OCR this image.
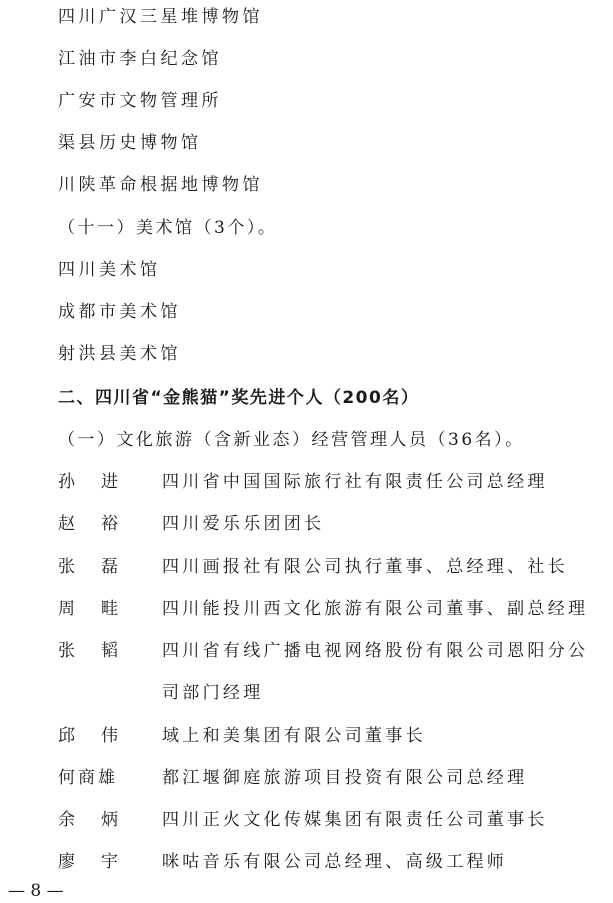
四川广汉三星堆博物馆
江油市李白纪念馆
广安市文物管理所
渠县历史博物馆
川陕革命根据地博物馆
（十一）美术馆（3个）。
四川美术馆
成都市美术馆
射洪县美术馆
二、四川省“金熊猫”奖先进个人（200名）
（一）文化旅游（含新业态）经营管理人员（36名）。
孙 进	四川省中国国际旅行社有限责任公司总经理
赵 裕	四川爱乐乐团团长
张 磊	四川画报社有限公司执行董事、总经理、社长
周 畦	四川能投川西文化旅游有限公司董事、副总经理
张 韬	四川省有线广播电视网络股份有限公司恩阳分公
司部门经理
邱 伟	域上和美集团有限公司董事长
何商雄	都江堰御庭旅游项目投资有限公司总经理
余 炳	四川正火文化传媒集团有限责任公司董事长
廖 宇	咪咕音乐有限公司总经理、高级工程师
— 8 —
